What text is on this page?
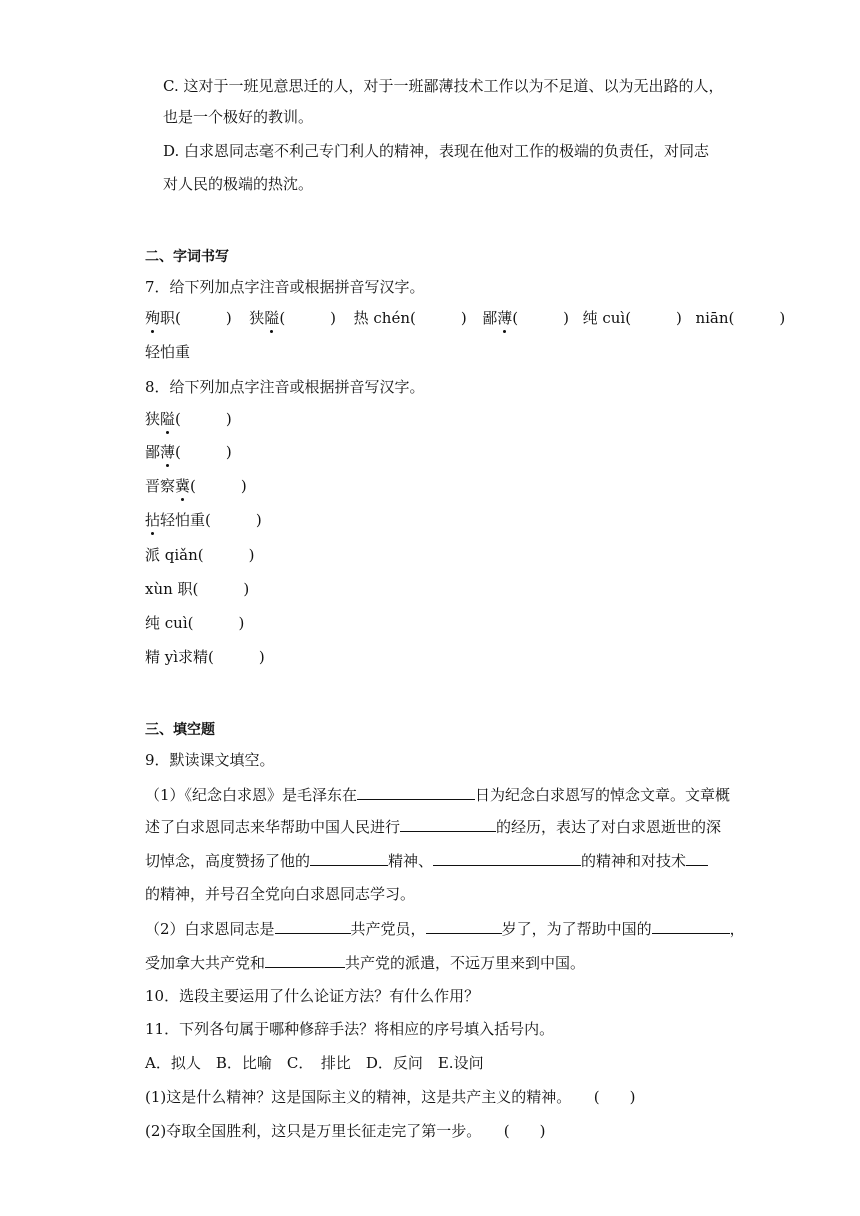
C. 这对于一班见意思迁的人，对于一班鄙薄技术工作以为不足道、以为无出路的人，
也是一个极好的教训。
D. 白求恩同志毫不利己专门利人的精神，表现在他对工作的极端的负责任，对同志
对人民的极端的热沈。
二、字词书写
7．给下列加点字注音或根据拼音写汉字。
殉职(　　　) 狭隘(　　　) 热 chén(　　　) 鄙薄(　　　) 纯 cuì(　　　) niān(　　　)
轻怕重
8．给下列加点字注音或根据拼音写汉字。
狭隘(　　　)
鄙薄(　　　)
晋察冀(　　　)
拈轻怕重(　　　)
派 qiǎn(　　　)
xùn 职(　　　)
纯 cuì(　　　)
精 yì求精(　　　)
三、填空题
9．默读课文填空。
（1）《纪念白求恩》是毛泽东在	日为纪念白求恩写的悼念文章。文章概
述了白求恩同志来华帮助中国人民进行	的经历，表达了对白求恩逝世的深
切悼念，高度赞扬了他的	精神、	的精神和对技术
的精神，并号召全党向白求恩同志学习。
（2）白求恩同志是	共产党员，	岁了，为了帮助中国的	，
受加拿大共产党和	共产党的派遣，不远万里来到中国。
10．选段主要运用了什么论证方法？有什么作用？
11．下列各句属于哪种修辞手法？将相应的序号填入括号内。
A．拟人　B．比喻　C．　排比　D．反问　E.设问
(1)这是什么精神？这是国际主义的精神，这是共产主义的精神。　　(　　)
(2)夺取全国胜利，这只是万里长征走完了第一步。　　(　　)
